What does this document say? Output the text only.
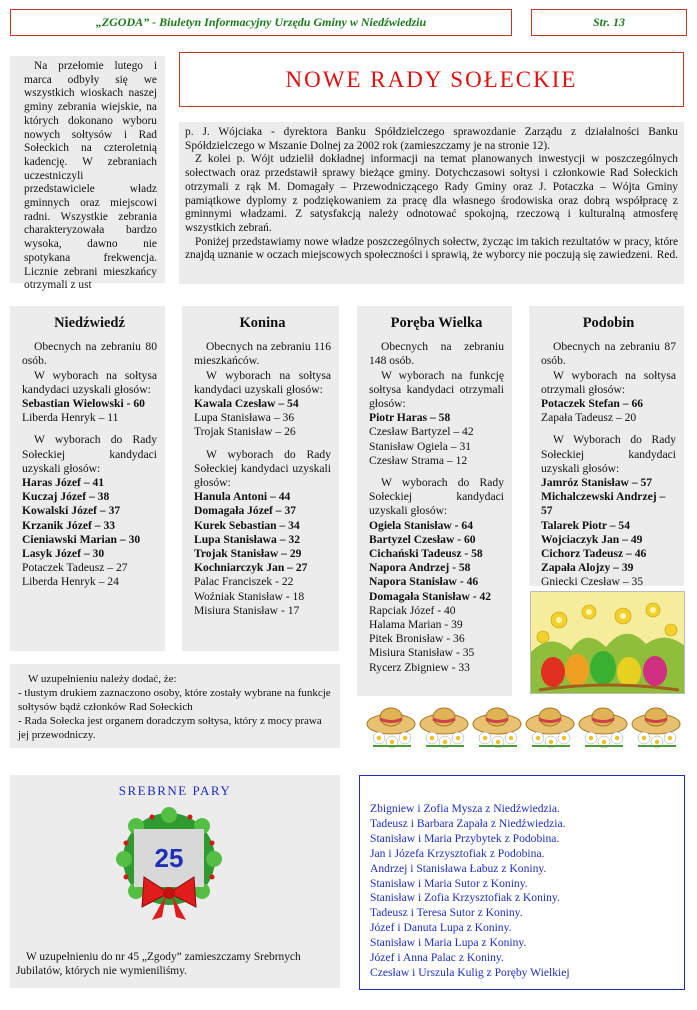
„ZGODA” - Biuletyn Informacyjny Urzędu Gminy w Niedźwiedziu	Str. 13

Na przełomie lutego i marca odbyły się we wszystkich wioskach naszej gminy zebrania wiejskie, na których dokonano wyboru nowych sołtysów i Rad Sołeckich na czteroletnią kadencję. W zebraniach uczestniczyli przedstawiciele władz gminnych oraz miejscowi radni. Wszystkie zebrania charakteryzowała bardzo wysoka, dawno nie spotykana frekwencja. Licznie zebrani mieszkańcy otrzymali z ust

NOWE RADY SOŁECKIE

p. J. Wójciaka - dyrektora Banku Spółdzielczego sprawozdanie Zarządu z działalności Banku Spółdzielczego w Mszanie Dolnej za 2002 rok (zamieszczamy je na stronie 12).

Z kolei p. Wójt udzielił dokładnej informacji na temat planowanych inwestycji w poszczególnych sołectwach oraz przedstawił sprawy bieżące gminy. Dotychczasowi sołtysi i członkowie Rad Sołeckich otrzymali z rąk M. Domagały – Przewodniczącego Rady Gminy oraz J. Potaczka – Wójta Gminy pamiątkowe dyplomy z podziękowaniem za pracę dla własnego środowiska oraz dobrą współpracę z gminnymi władzami. Z satysfakcją należy odnotować spokojną, rzeczową i kulturalną atmosferę wszystkich zebrań.

Poniżej przedstawiamy nowe władze poszczególnych sołectw, życząc im takich rezultatów w pracy, które znajdą uznanie w oczach miejscowych społeczności i sprawią, że wyborcy nie poczują się zawiedzeni. Red.
Niedźwiedź
Obecnych na zebraniu 80 osób.
W wyborach na sołtysa kandydaci uzyskali głosów:
Sebastian Wielowski - 60
Liberda Henryk – 11
W wyborach do Rady Sołeckiej kandydaci uzyskali głosów:
Haras Józef – 41
Kuczaj Józef – 38
Kowalski Józef – 37
Krzanik Józef – 33
Cieniawski Marian – 30
Lasyk Józef – 30
Potaczek Tadeusz – 27
Liberda Henryk – 24
Konina
Obecnych na zebraniu 116 mieszkańców.
W wyborach na sołtysa kandydaci uzyskali głosów:
Kawala Czesław – 54
Lupa Stanisława – 36
Trojak Stanisław – 26
W wyborach do Rady Sołeckiej kandydaci uzyskali głosów:
Hanula Antoni – 44
Domagała Józef – 37
Kurek Sebastian – 34
Lupa Stanisława – 32
Trojak Stanisław – 29
Kochniarczyk Jan – 27
Palac Franciszek - 22
Woźniak Stanisław - 18
Misiura Stanisław - 17
Poręba Wielka
Obecnych na zebraniu 148 osób.
W wyborach na funkcję sołtysa kandydaci otrzymali głosów:
Piotr Haras – 58
Czesław Bartyzel – 42
Stanisław Ogiela – 31
Czesław Strama – 12
W wyborach do Rady Sołeckiej kandydaci uzyskali głosów:
Ogiela Stanisław - 64
Bartyzel Czesław - 60
Cichański Tadeusz - 58
Napora Andrzej - 58
Napora Stanisław - 46
Domagała Stanisław - 42
Rapciak Józef - 40
Halama Marian - 39
Pitek Bronisław - 36
Misiura Stanisław - 35
Rycerz Zbigniew - 33
Podobin
Obecnych na zebraniu 87 osób.
W wyborach na sołtysa otrzymali głosów:
Potaczek Stefan – 66
Zapała Tadeusz – 20
W Wyborach do Rady Sołeckiej kandydaci uzyskali głosów:
Jamróz Stanisław – 57
Michalczewski Andrzej – 57
Talarek Piotr – 54
Wojciaczyk Jan – 49
Cichorz Tadeusz – 46
Zapała Alojzy – 39
Gniecki Czesław – 35
W uzupełnieniu należy dodać, że:
- tłustym drukiem zaznaczono osoby, które zostały wybrane na funkcje sołtysów bądź członków Rad Sołeckich
- Rada Sołecka jest organem doradczym sołtysa, który z mocy prawa jej przewodniczy.
SREBRNE PARY
25
W uzupełnieniu do nr 45 „Zgody” zamieszczamy Srebrnych Jubilatów, których nie wymieniliśmy.
Zbigniew i Zofia Mysza z Niedźwiedzia.
Tadeusz i Barbara Zapała z Niedźwiedzia.
Stanisław i Maria Przybytek z Podobina.
Jan i Józefa Krzysztofiak z Podobina.
Andrzej i Stanisława Łabuz z Koniny.
Stanisław i Maria Sutor z Koniny.
Stanisław i Zofia Krzysztofiak z Koniny.
Tadeusz i Teresa Sutor z Koniny.
Józef i Danuta Lupa z Koniny.
Stanisław i Maria Lupa z Koniny.
Józef i Anna Palac z Koniny.
Czesław i Urszula Kulig z Poręby Wielkiej
